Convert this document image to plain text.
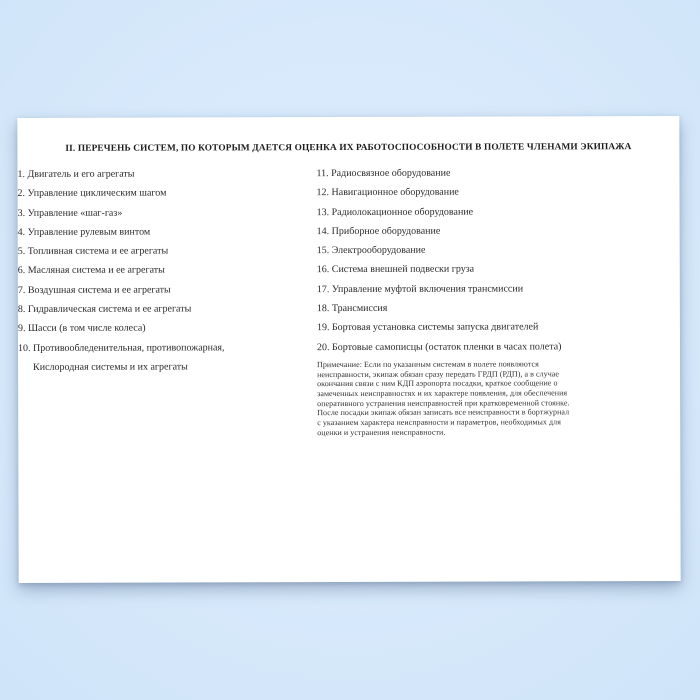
II. ПЕРЕЧЕНЬ СИСТЕМ, ПО КОТОРЫМ ДАЕТСЯ ОЦЕНКА ИХ РАБОТОСПОСОБНОСТИ В ПОЛЕТЕ ЧЛЕНАМИ ЭКИПАЖА
1. Двигатель и его агрегаты
2. Управление циклическим шагом
3. Управление «шаг-газ»
4. Управление рулевым винтом
5. Топливная система и ее агрегаты
6. Масляная система и ее агрегаты
7. Воздушная система и ее агрегаты
8. Гидравлическая система и ее агрегаты
9. Шасси (в том числе колеса)
10. Противообледенительная, противопожарная,
Кислородная системы и их агрегаты
11. Радиосвязное оборудование
12. Навигационное оборудование
13. Радиолокационное оборудование
14. Приборное оборудование
15. Электрооборудование
16. Система внешней подвески груза
17. Управление муфтой включения трансмиссии
18. Трансмиссия
19. Бортовая установка системы запуска двигателей
20. Бортовые самописцы (остаток пленки в часах полета)
Примечание: Если по указанным системам в полете появляются
неисправности, экипаж обязан сразу передать ГРДП (РДП), а в случае
окончания связи с ним КДП аэропорта посадки, краткое сообщение о
замеченных неисправностях и их характере появления, для обеспечения
оперативного устранения неисправностей при кратковременной стоянке.
После посадки экипаж обязан записать все неисправности в бортжурнал
с указанием характера неисправности и параметров, необходимых для
оценки и устранения неисправности.
